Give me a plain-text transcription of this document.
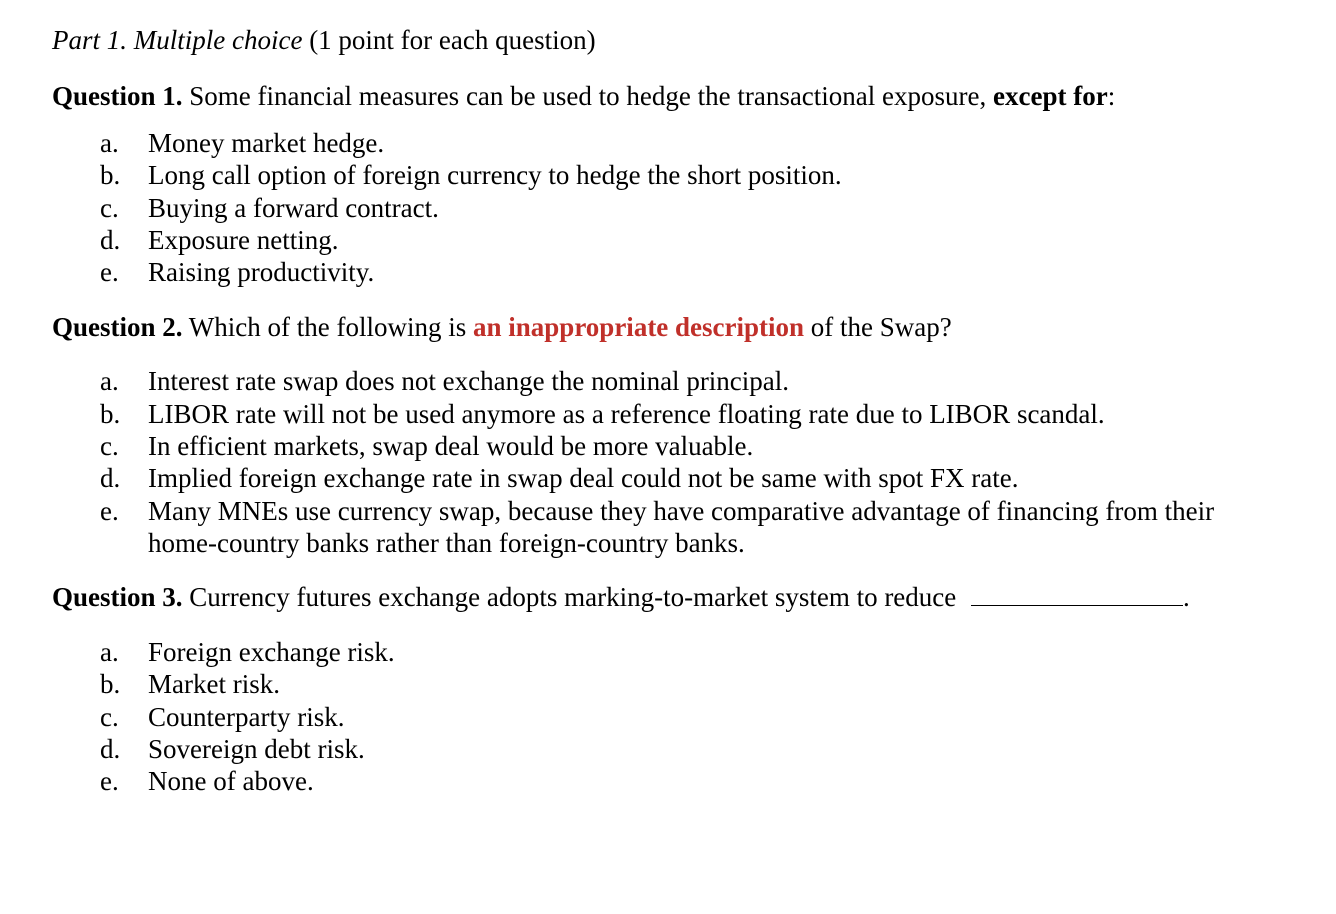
Part 1. Multiple choice (1 point for each question)
Question 1. Some financial measures can be used to hedge the transactional exposure, except for:
a.	Money market hedge.
b.	Long call option of foreign currency to hedge the short position.
c.	Buying a forward contract.
d.	Exposure netting.
e.	Raising productivity.
Question 2. Which of the following is an inappropriate description of the Swap?
a.	Interest rate swap does not exchange the nominal principal.
b.	LIBOR rate will not be used anymore as a reference floating rate due to LIBOR scandal.
c.	In efficient markets, swap deal would be more valuable.
d.	Implied foreign exchange rate in swap deal could not be same with spot FX rate.
e.	Many MNEs use currency swap, because they have comparative advantage of financing from their home-country banks rather than foreign-country banks.
Question 3. Currency futures exchange adopts marking-to-market system to reduce	.
a.	Foreign exchange risk.
b.	Market risk.
c.	Counterparty risk.
d.	Sovereign debt risk.
e.	None of above.
